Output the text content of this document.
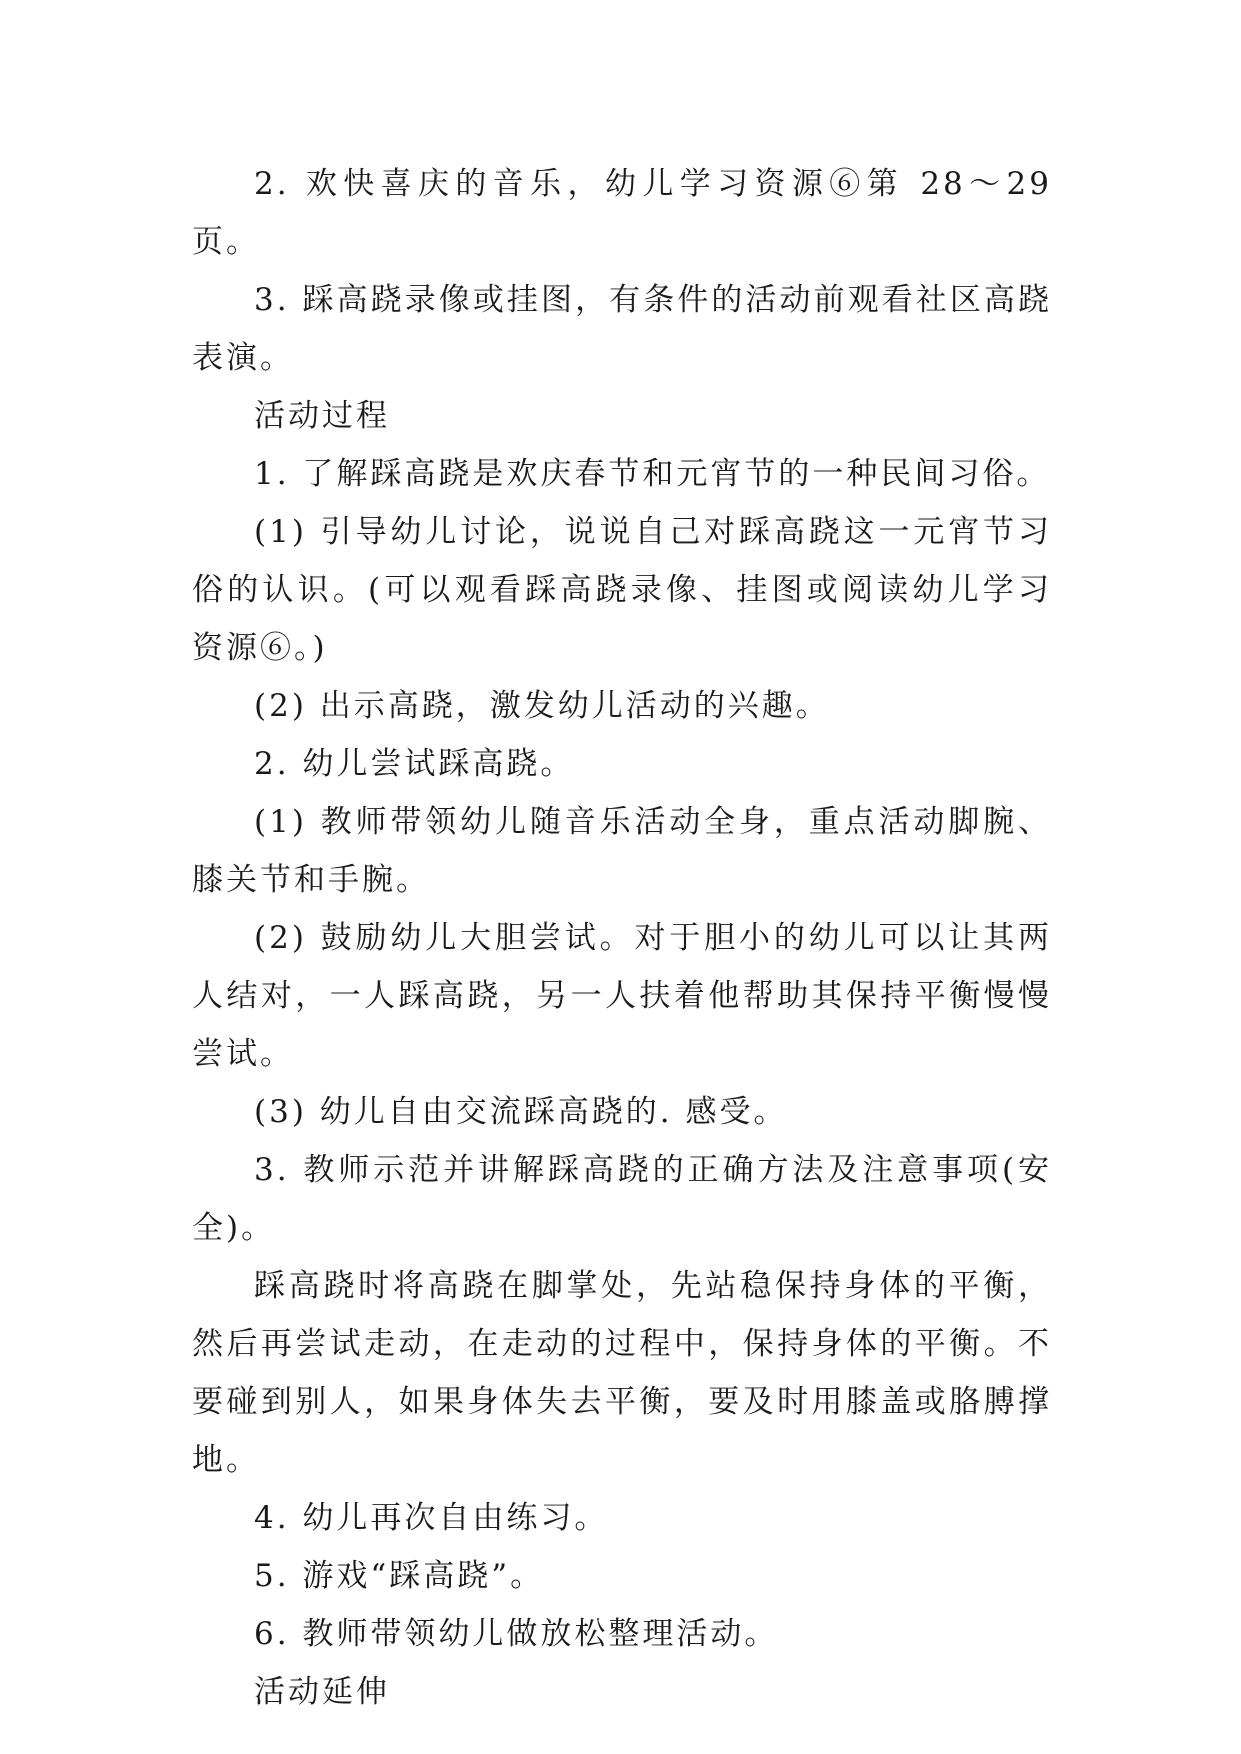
2. 欢快喜庆的音乐，幼儿学习资源⑥第 28～29 页。

3. 踩高跷录像或挂图，有条件的活动前观看社区高跷表演。

活动过程

1. 了解踩高跷是欢庆春节和元宵节的一种民间习俗。

(1) 引导幼儿讨论，说说自己对踩高跷这一元宵节习俗的认识。(可以观看踩高跷录像、挂图或阅读幼儿学习资源⑥。)

(2) 出示高跷，激发幼儿活动的兴趣。

2. 幼儿尝试踩高跷。

(1) 教师带领幼儿随音乐活动全身，重点活动脚腕、膝关节和手腕。

(2) 鼓励幼儿大胆尝试。对于胆小的幼儿可以让其两人结对，一人踩高跷，另一人扶着他帮助其保持平衡慢慢尝试。

(3) 幼儿自由交流踩高跷的. 感受。

3. 教师示范并讲解踩高跷的正确方法及注意事项(安全)。

踩高跷时将高跷在脚掌处，先站稳保持身体的平衡，然后再尝试走动，在走动的过程中，保持身体的平衡。不要碰到别人，如果身体失去平衡，要及时用膝盖或胳膊撑地。

4. 幼儿再次自由练习。

5. 游戏“踩高跷”。

6. 教师带领幼儿做放松整理活动。

活动延伸
